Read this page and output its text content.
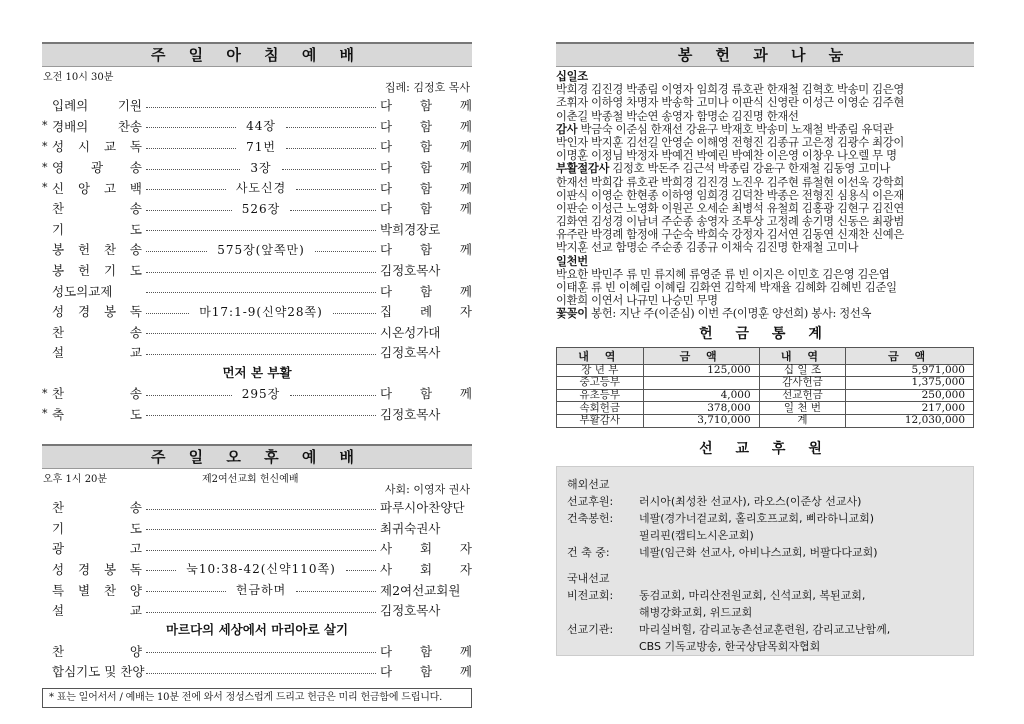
주 일 아 침 예 배
오전 10시 30분
집례: 김정호 목사
입례의 기원	다 함 께
* 경배의 찬송	44장	다 함 께
* 성 시 교 독	71번	다 함 께
* 영 광 송	3장	다 함 께
* 신 앙 고 백	사도신경	다 함 께
찬 송	526장	다 함 께
기 도	박희경장로
봉 헌 찬 송	575장(앞쪽만)	다 함 께
봉 헌 기 도	김정호목사
성도의교제	다 함 께
성 경 봉 독	마17:1-9(신약28쪽)	집 례 자
찬 송	시온성가대
설 교	김정호목사
먼저 본 부활
* 찬 송	295장	다 함 께
* 축 도	김정호목사
주 일 오 후 예 배
오후 1시 20분	제2여선교회 헌신예배
사회: 이영자 권사
찬 송	파루시아찬양단
기 도	최귀숙권사
광 고	사 회 자
성 경 봉 독	눅10:38-42(신약110쪽)	사 회 자
특 별 찬 양	헌금하며	제2여선교회원
설 교	김정호목사
마르다의 세상에서 마리아로 살기
찬 양	다 함 께
합심기도 및 찬양	다 함 께
* 표는 일어서서 / 예배는 10분 전에 와서 정성스럽게 드리고 헌금은 미리 헌금함에 드립니다.
봉 헌 과 나 눔
십일조
박희경 김진경 박종림 이영자 임희경 류호관 한재철 김혁호 박송미 김은영
조휘자 이하영 차명자 박송학 고미나 이판식 신영란 이성근 이영순 김주현
이춘길 박종철 박순연 송영자 함명순 김진명 한재선
감사 박금숙 이준심 한재선 강윤구 박재호 박송미 노재철 박종림 유덕관
박인자 박지훈 김선길 안영순 이해영 전형진 김종규 고은정 김광수 최강이
이명훈 이정님 박정자 박예건 박예린 박예찬 이은영 이창우 나오렐 무 명
부활절감사 김정호 박돈주 김근석 박종림 강윤구 한재철 김동영 고미나
한재선 박희갑 류호관 박희경 김진경 노진우 김주현 류철현 이선욱 강학희
이판식 이영순 한현종 이하영 임희경 김덕찬 박종은 전형진 심용식 이은재
이판순 이성근 노영화 이원곤 오세순 최병석 유철희 김홍광 김현구 김진연
김화연 김성경 이남녀 주순종 송영자 조투상 고정례 송기명 신동은 최광범
유주란 박경례 함정애 구순숙 박희숙 강정자 김서연 김동연 신재찬 신예은
박지훈 선교 함명순 주순종 김종규 이채숙 김진명 한재철 고미나
일천번
박요한 박민주 류 민 류지혜 류영준 류 빈 이지은 이민호 김은영 김은엽
이태훈 류 빈 이혜림 이혜림 김화연 김학제 박재율 김혜화 김혜빈 김준일
이환희 이연서 나규민 나승민 무명
꽃꽂이 봉헌: 지난 주(이준심) 이번 주(이명훈 양선희) 봉사: 정선옥
헌 금 통 계
내 역	금 액	내 역	금 액
장 년 부	125,000	십 일 조	5,971,000
중고등부		감사헌금	1,375,000
유초등부	4,000	선교헌금	250,000
속회헌금	378,000	일 천 번	217,000
부활감사	3,710,000	계	12,030,000
선 교 후 원
해외선교
선교후원:	러시아(최성찬 선교사), 라오스(이준상 선교사)
건축봉헌:	네팔(경가너겉교회, 홀리호프교회, 삐라하니교회)
필리핀(캡티노시온교회)
건 축 중:	네팔(임근화 선교사, 아비나스교회, 버팔다다교회)
국내선교
비전교회:	동검교회, 마리산전원교회, 신석교회, 복된교회,
해병강화교회, 위드교회
선교기관:	마리실버힐, 감리교농촌선교훈련원, 감리교고난함께,
CBS 기독교방송, 한국상담목회자협회
